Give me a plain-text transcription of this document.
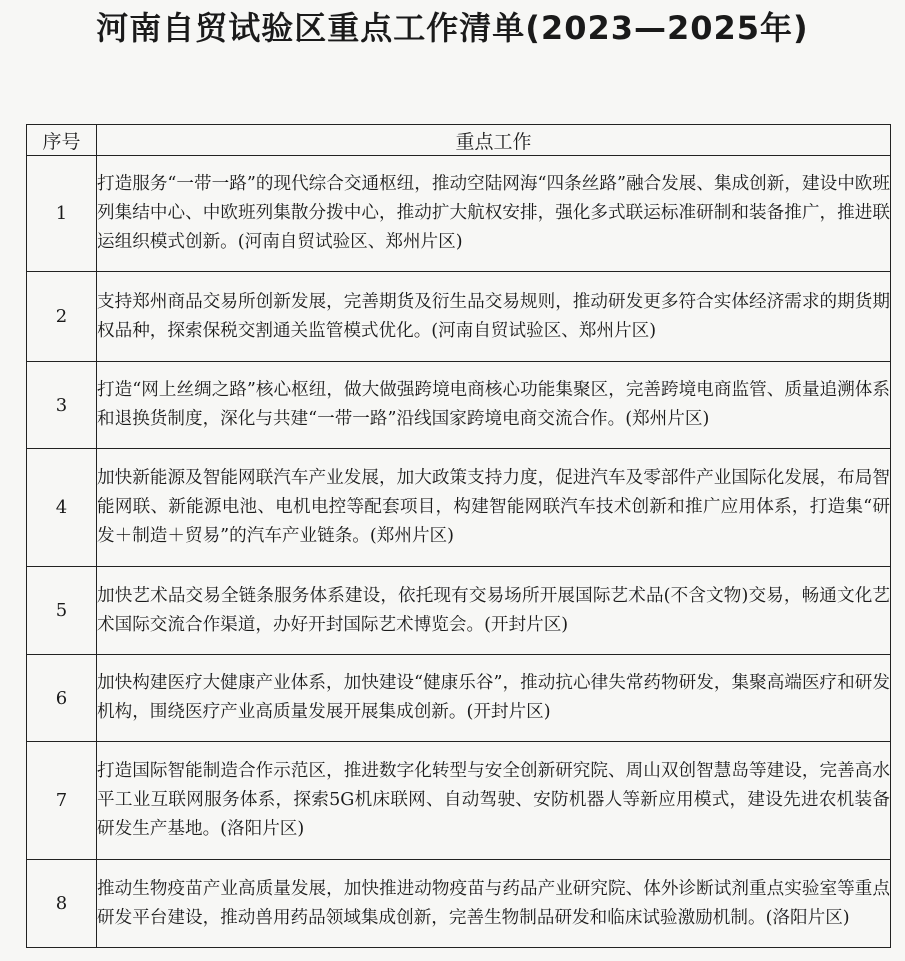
河南自贸试验区重点工作清单(2023—2025年)
序号	重点工作
1	打造服务“一带一路”的现代综合交通枢纽，推动空陆网海“四条丝路”融合发展、集成创新，建设中欧班列集结中心、中欧班列集散分拨中心，推动扩大航权安排，强化多式联运标准研制和装备推广，推进联运组织模式创新。(河南自贸试验区、郑州片区)
2	支持郑州商品交易所创新发展，完善期货及衍生品交易规则，推动研发更多符合实体经济需求的期货期权品种，探索保税交割通关监管模式优化。(河南自贸试验区、郑州片区)
3	打造“网上丝绸之路”核心枢纽，做大做强跨境电商核心功能集聚区，完善跨境电商监管、质量追溯体系和退换货制度，深化与共建“一带一路”沿线国家跨境电商交流合作。(郑州片区)
4	加快新能源及智能网联汽车产业发展，加大政策支持力度，促进汽车及零部件产业国际化发展，布局智能网联、新能源电池、电机电控等配套项目，构建智能网联汽车技术创新和推广应用体系，打造集“研发＋制造＋贸易”的汽车产业链条。(郑州片区)
5	加快艺术品交易全链条服务体系建设，依托现有交易场所开展国际艺术品(不含文物)交易，畅通文化艺术国际交流合作渠道，办好开封国际艺术博览会。(开封片区)
6	加快构建医疗大健康产业体系，加快建设“健康乐谷”，推动抗心律失常药物研发，集聚高端医疗和研发机构，围绕医疗产业高质量发展开展集成创新。(开封片区)
7	打造国际智能制造合作示范区，推进数字化转型与安全创新研究院、周山双创智慧岛等建设，完善高水平工业互联网服务体系，探索5G机床联网、自动驾驶、安防机器人等新应用模式，建设先进农机装备研发生产基地。(洛阳片区)
8	推动生物疫苗产业高质量发展，加快推进动物疫苗与药品产业研究院、体外诊断试剂重点实验室等重点研发平台建设，推动兽用药品领域集成创新，完善生物制品研发和临床试验激励机制。(洛阳片区)
